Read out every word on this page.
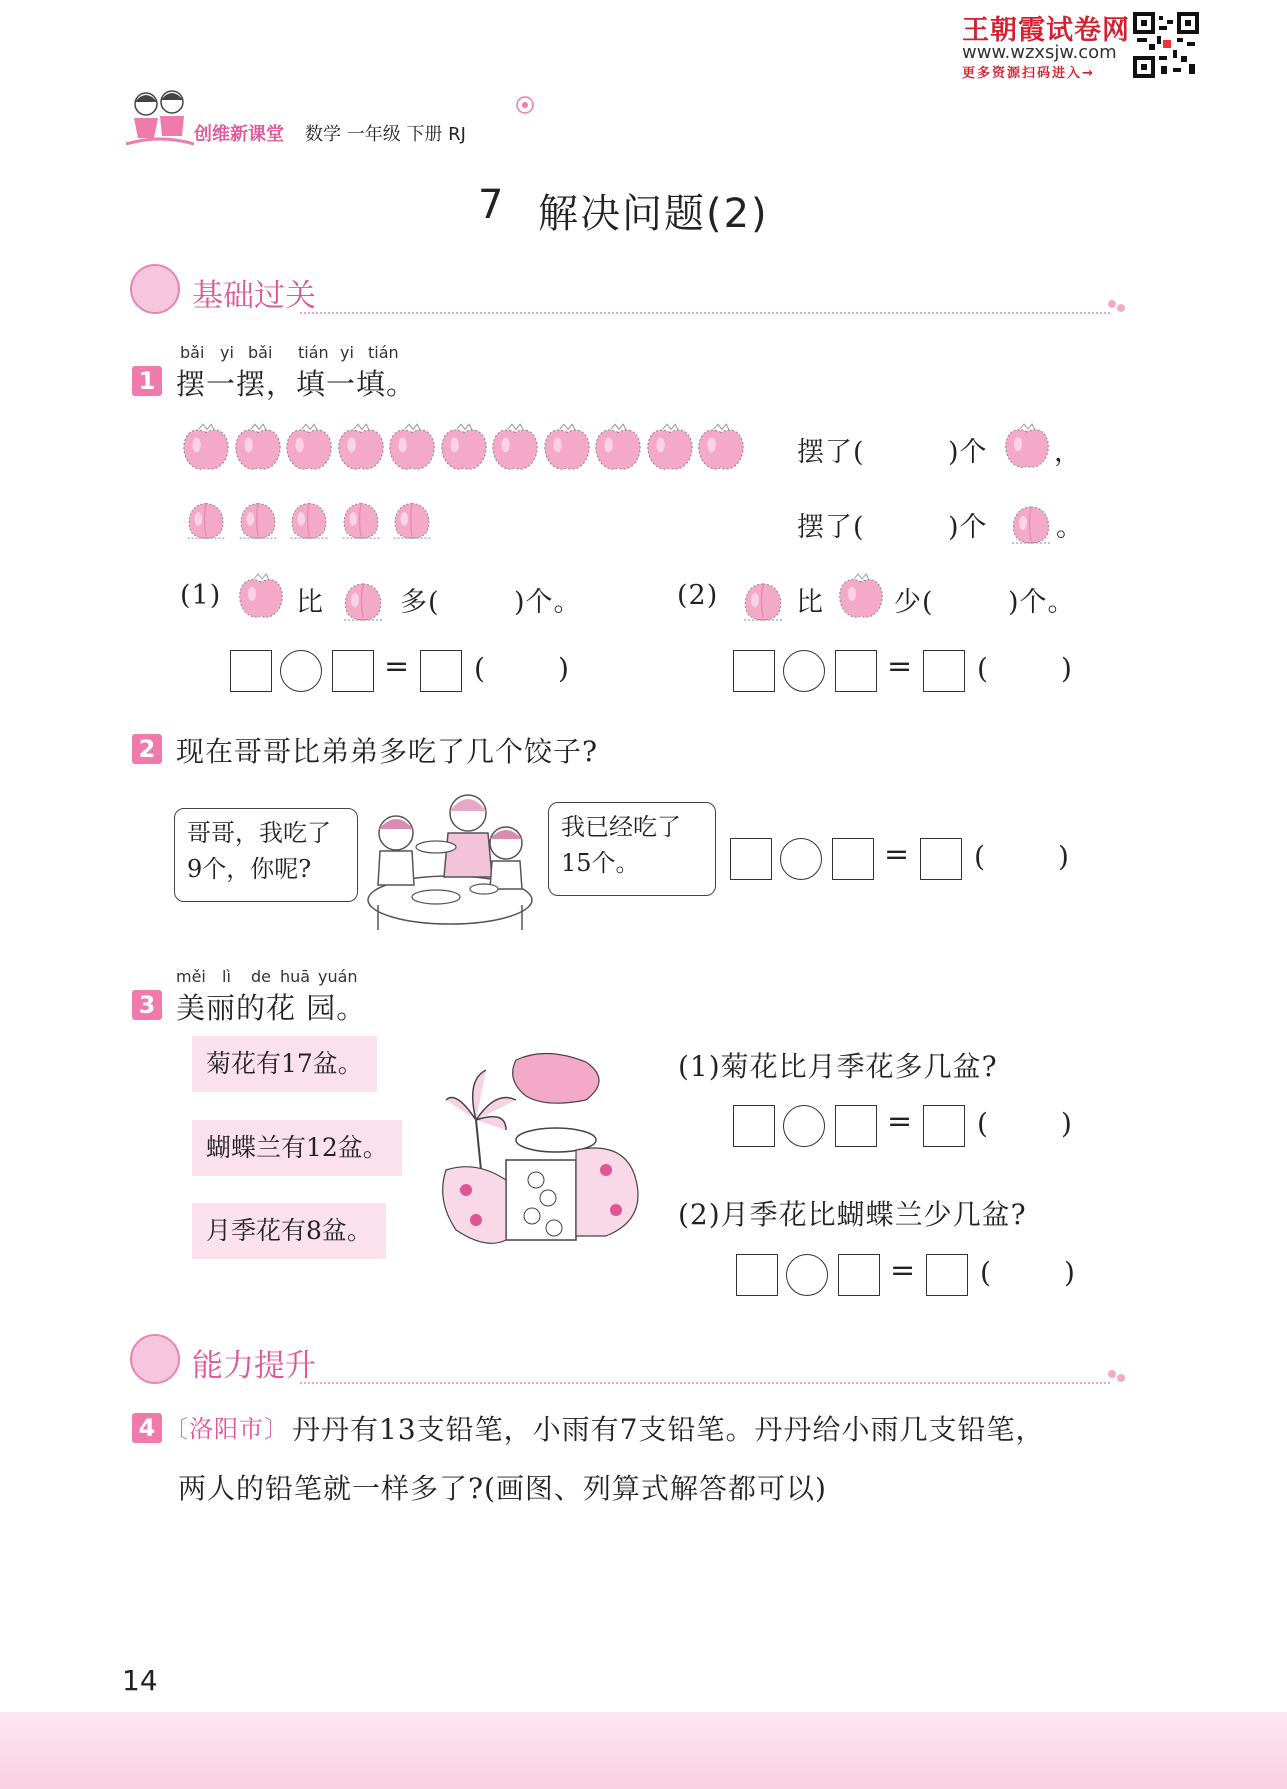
王朝霞试卷网
www.wzxsjw.com
更多资源扫码进入→
创维新课堂 数学 一年级 下册 RJ
7 解决问题(2)
基础过关
bǎi yi bǎi tián yi tián
1 摆一摆，填一填。
摆了(	)个 ，
摆了(	)个	。
(1)	比	多(	)个。	(2)	比	少(	)个。
= (	)	= (	)
= (	)
= (	)
= (	)
2 现在哥哥比弟弟多吃了几个饺子?
哥哥，我吃了
9个，你呢?
我已经吃了
15个。
měi lì de huā yuán
3 美丽的花 园。
菊花有17盆。
蝴蝶兰有12盆。
月季花有8盆。
(1)菊花比月季花多几盆?
(2)月季花比蝴蝶兰少几盆?
能力提升
4 〔洛阳市〕 丹丹有13支铅笔，小雨有7支铅笔。丹丹给小雨几支铅笔，
两人的铅笔就一样多了?(画图、列算式解答都可以)
14
